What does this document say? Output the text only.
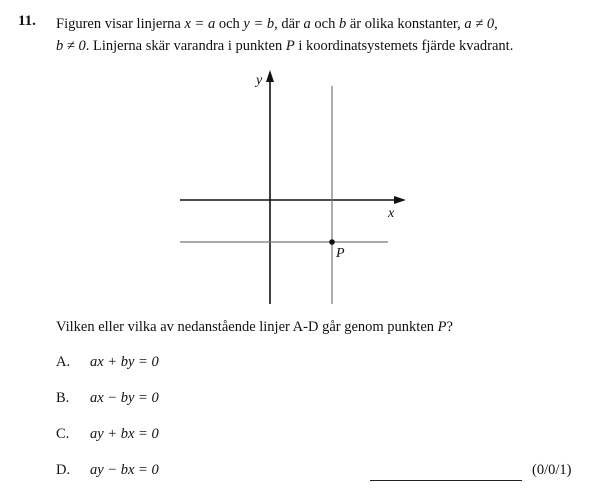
11. Figuren visar linjerna x = a och y = b, där a och b är olika konstanter, a ≠ 0,
b ≠ 0. Linjerna skär varandra i punkten P i koordinatsystemets fjärde kvadrant.
y
x
P
Vilken eller vilka av nedanstående linjer A-D går genom punkten P?
A.	ax + by = 0
B.	ax − by = 0
C.	ay + bx = 0
D.	ay − bx = 0	(0/0/1)
